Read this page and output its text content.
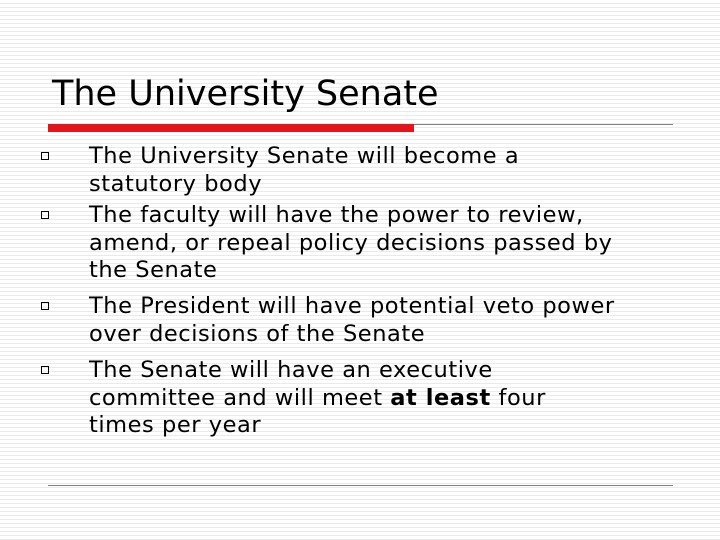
The University Senate
The University Senate will become a
statutory body
The faculty will have the power to review,
amend, or repeal policy decisions passed by
the Senate
The President will have potential veto power
over decisions of the Senate
The Senate will have an executive
committee and will meet at least four
times per year
